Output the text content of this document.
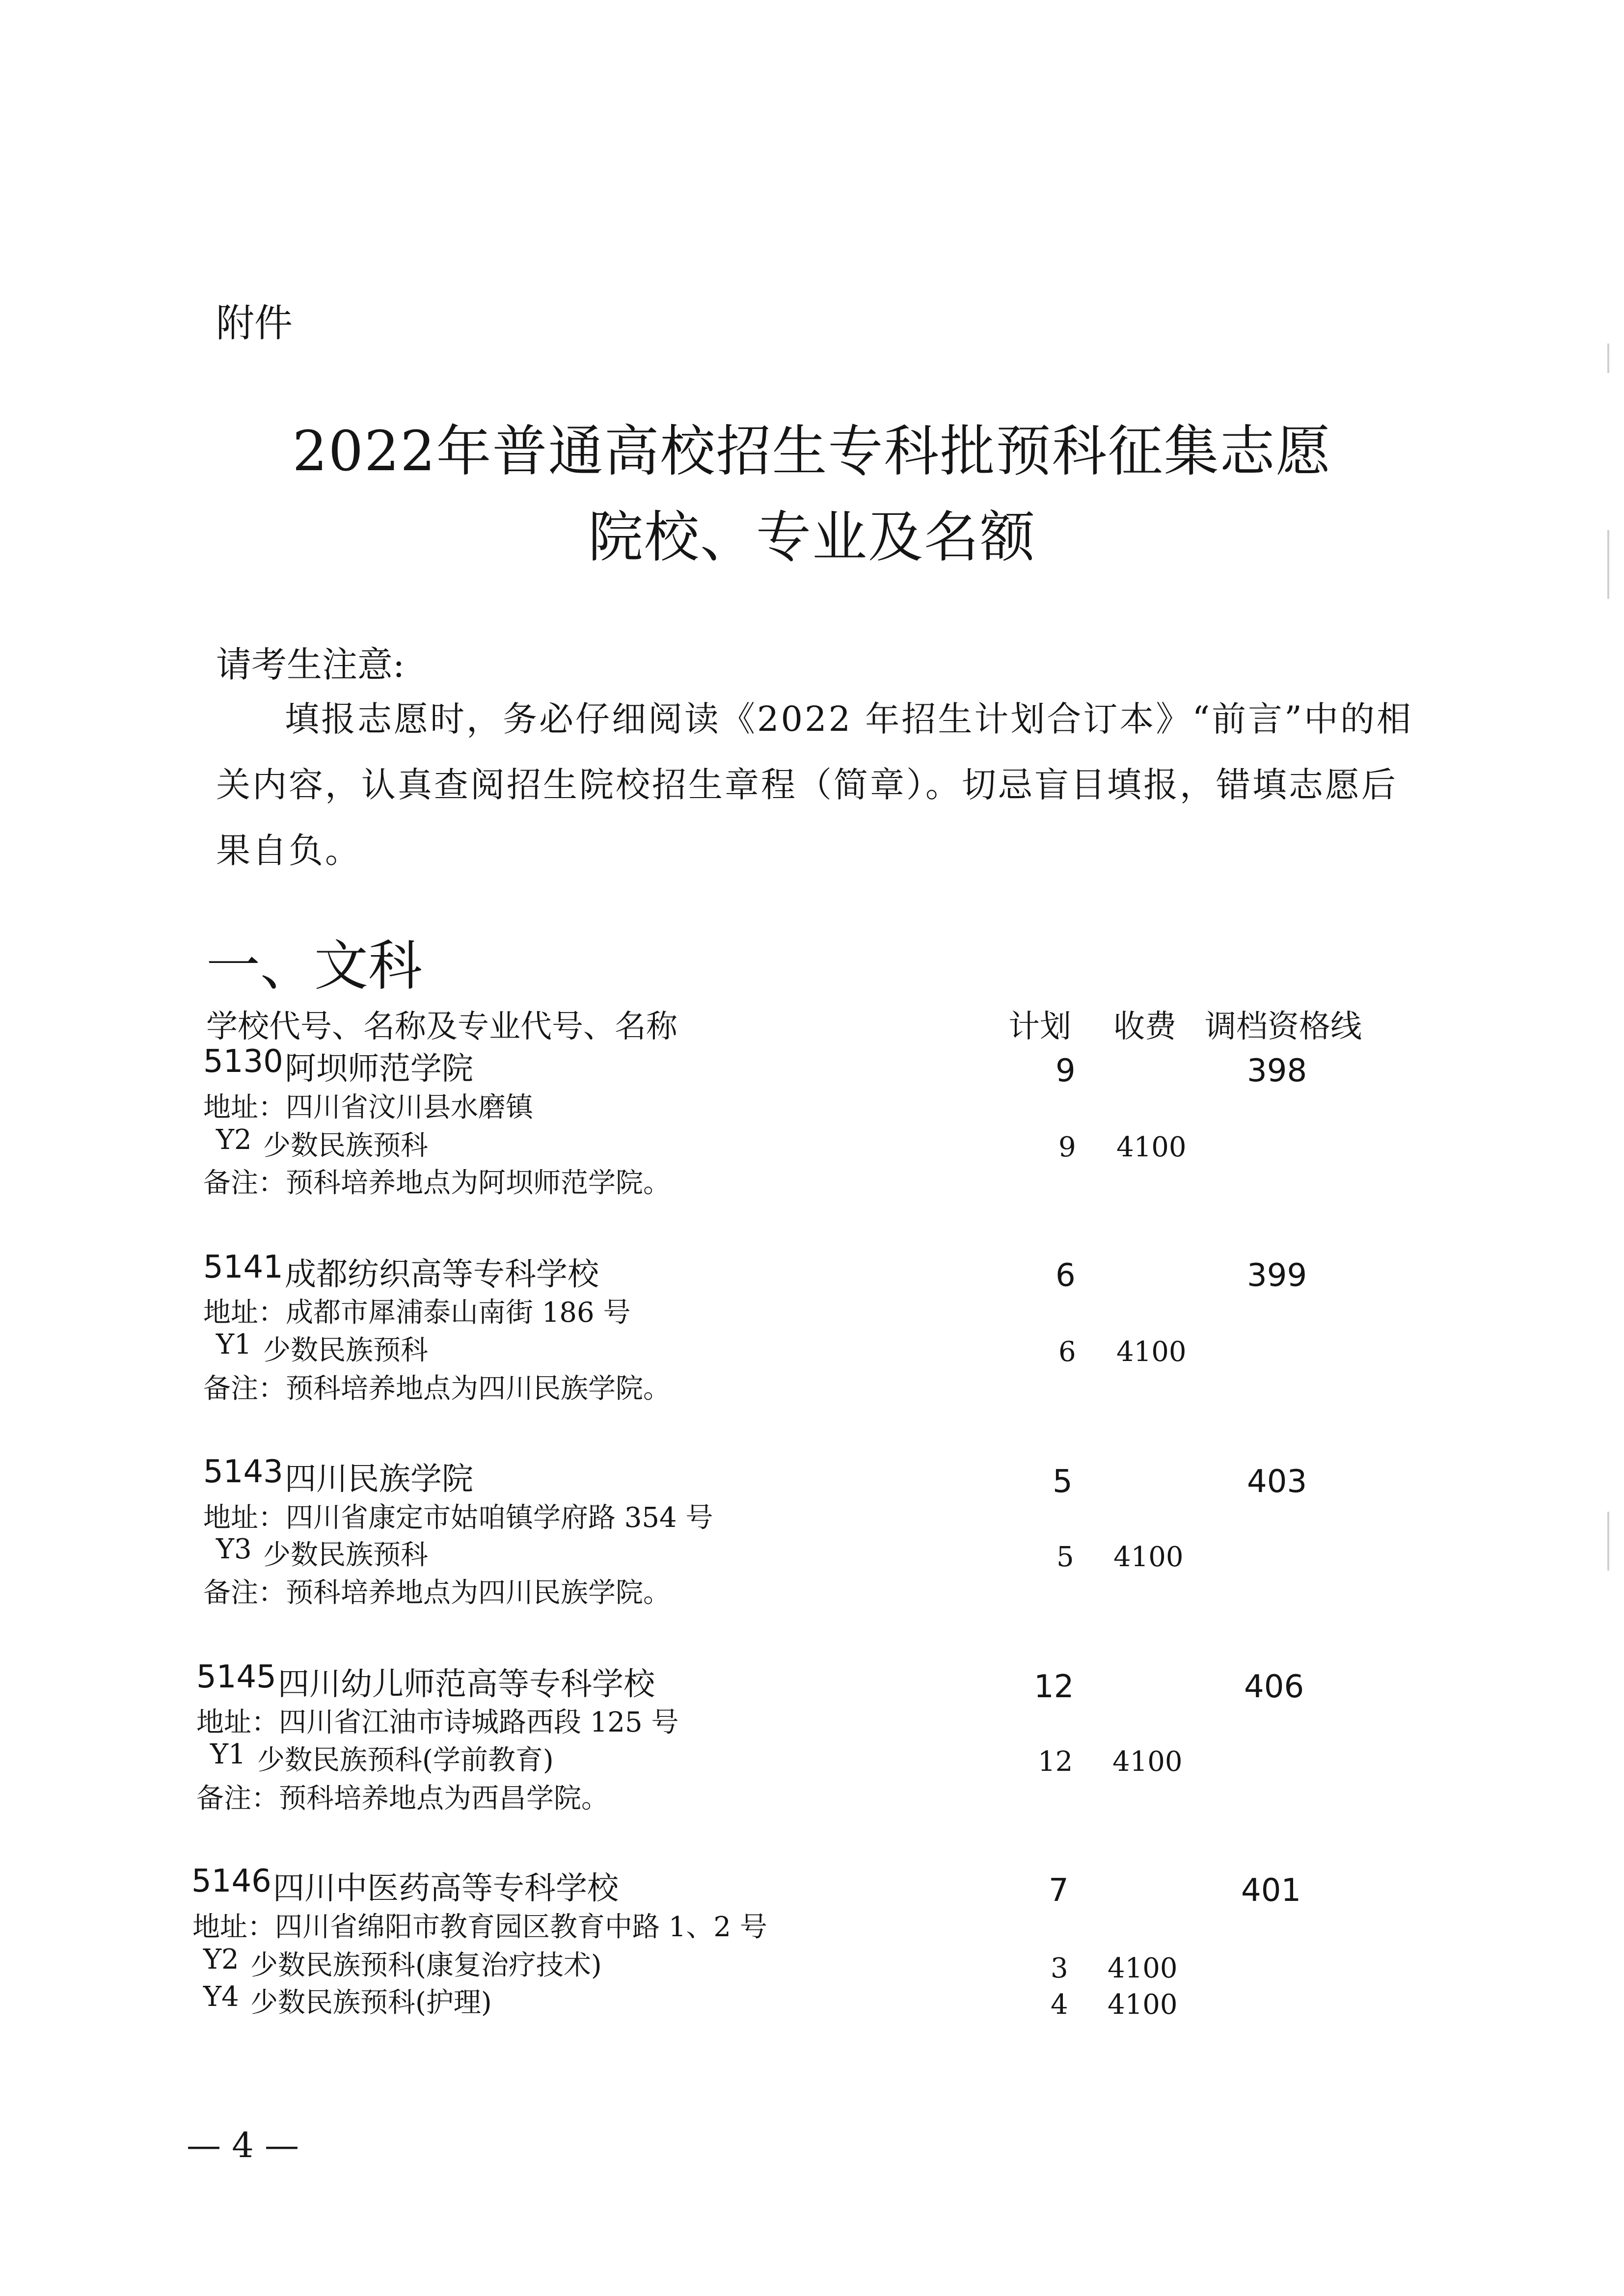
附件
2022年普通高校招生专科批预科征集志愿
院校、专业及名额
请考生注意:
填报志愿时，务必仔细阅读《2022 年招生计划合订本》“前言”中的相关内容，认真查阅招生院校招生章程（简章）。切忌盲目填报，错填志愿后果自负。
一、文科
学校代号、名称及专业代号、名称	计划 收费 调档资格线
5130 阿坝师范学院	9	398
地址：四川省汶川县水磨镇
Y2 少数民族预科	9 4100
备注：预科培养地点为阿坝师范学院。
5141 成都纺织高等专科学校	6	399
地址：成都市犀浦泰山南街 186 号
Y1 少数民族预科	6 4100
备注：预科培养地点为四川民族学院。
5143 四川民族学院	5	403
地址：四川省康定市姑咱镇学府路 354 号
Y3 少数民族预科	5 4100
备注：预科培养地点为四川民族学院。
5145 四川幼儿师范高等专科学校	12	406
地址：四川省江油市诗城路西段 125 号
Y1 少数民族预科(学前教育)	12 4100
备注：预科培养地点为西昌学院。
5146 四川中医药高等专科学校	7	401
地址：四川省绵阳市教育园区教育中路 1、2 号
Y2 少数民族预科(康复治疗技术)	3 4100
Y4 少数民族预科(护理)	4 4100
— 4 —
